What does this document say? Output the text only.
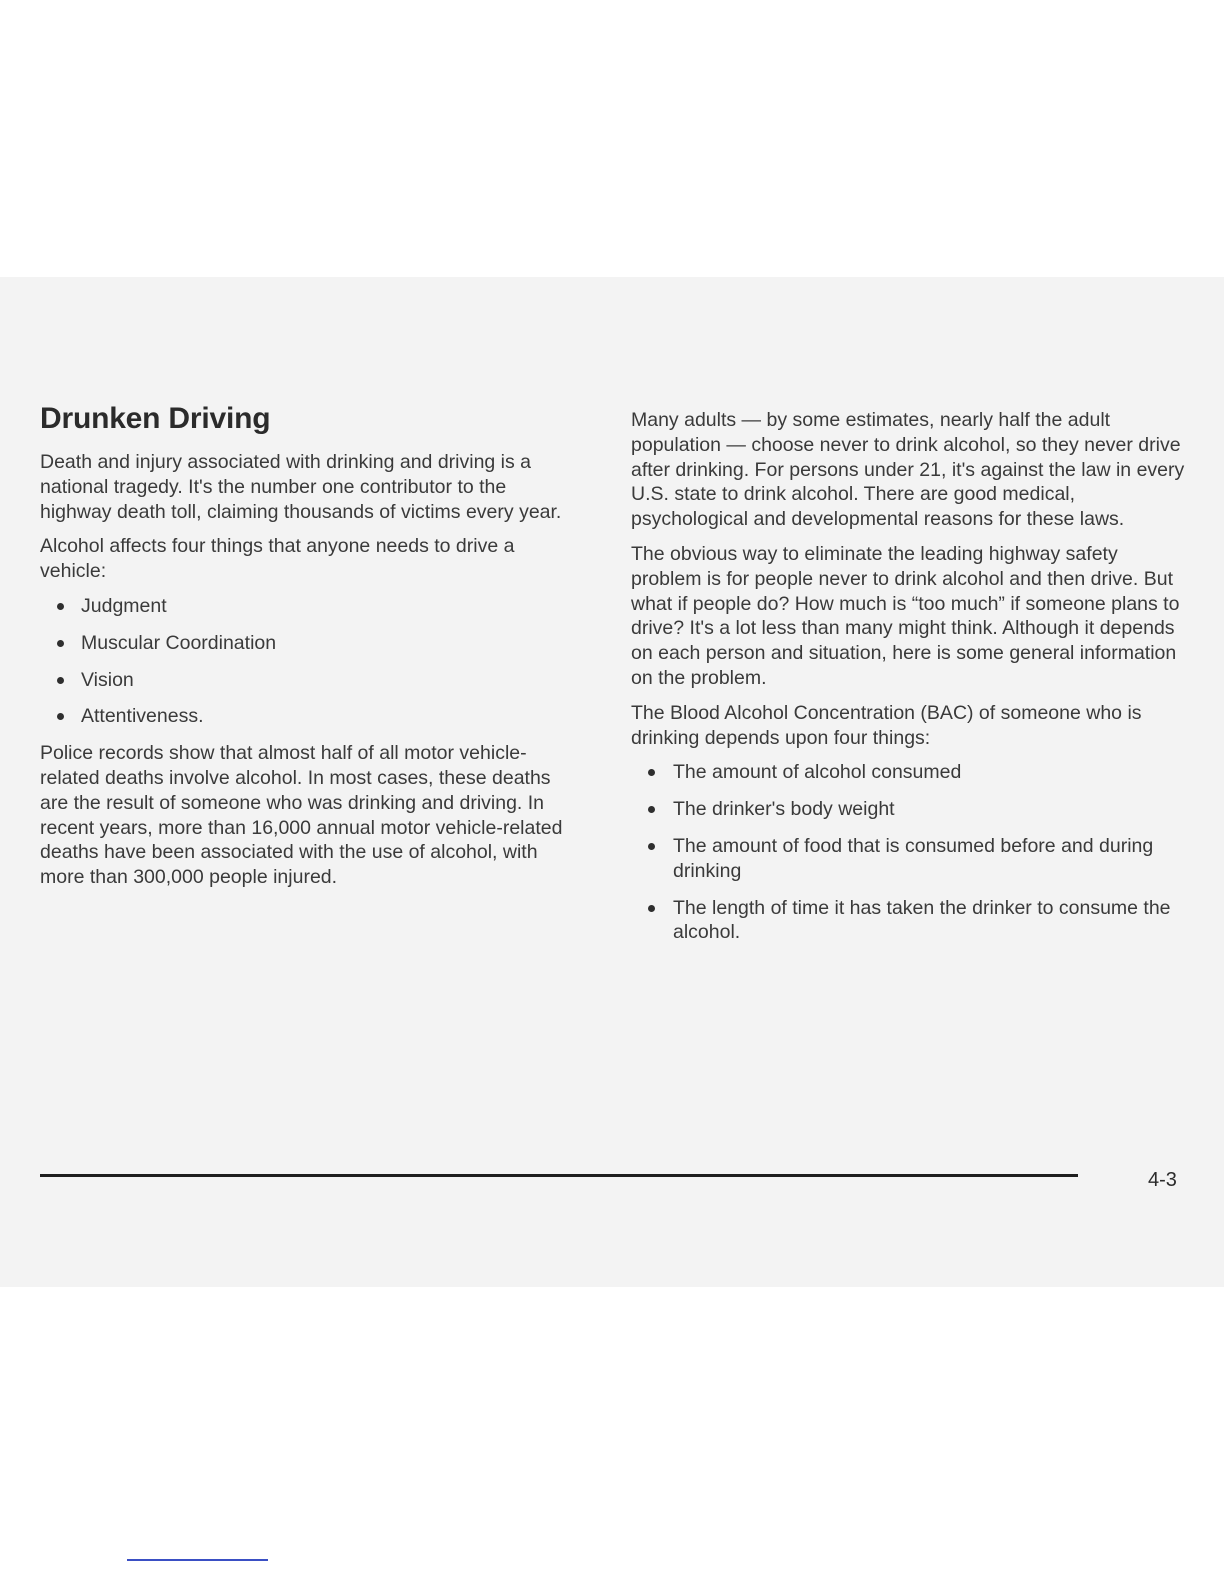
Drunken Driving

Death and injury associated with drinking and driving is a national tragedy. It's the number one contributor to the highway death toll, claiming thousands of victims every year.

Alcohol affects four things that anyone needs to drive a vehicle:

Judgment
Muscular Coordination
Vision
Attentiveness.

Police records show that almost half of all motor vehicle-related deaths involve alcohol. In most cases, these deaths are the result of someone who was drinking and driving. In recent years, more than 16,000 annual motor vehicle-related deaths have been associated with the use of alcohol, with more than 300,000 people injured.

Many adults — by some estimates, nearly half the adult population — choose never to drink alcohol, so they never drive after drinking. For persons under 21, it's against the law in every U.S. state to drink alcohol. There are good medical, psychological and developmental reasons for these laws.

The obvious way to eliminate the leading highway safety problem is for people never to drink alcohol and then drive. But what if people do? How much is “too much” if someone plans to drive? It's a lot less than many might think. Although it depends on each person and situation, here is some general information on the problem.

The Blood Alcohol Concentration (BAC) of someone who is drinking depends upon four things:

The amount of alcohol consumed
The drinker's body weight
The amount of food that is consumed before and during drinking
The length of time it has taken the drinker to consume the alcohol.
4-3
